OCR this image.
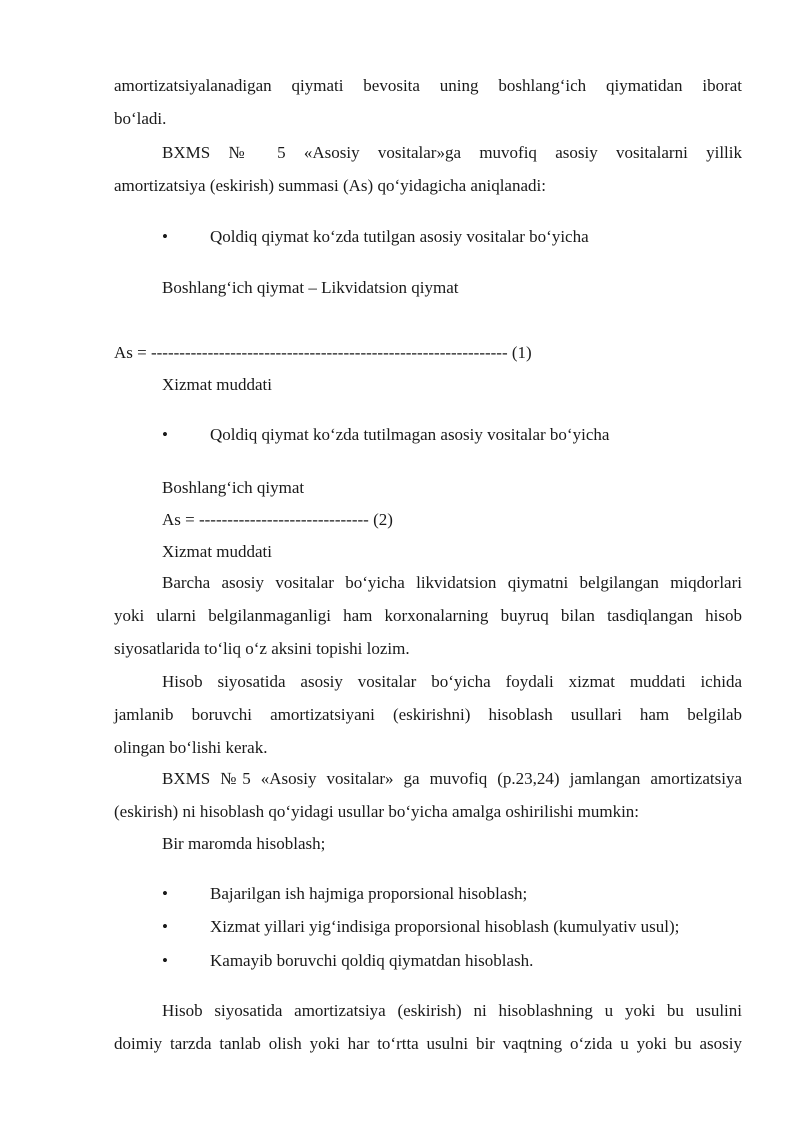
amortizatsiyalanadigan qiymati bevosita uning boshlang‘ich qiymatidan iborat
bo‘ladi.
BXMS № 5 «Asosiy vositalar»ga muvofiq asosiy vositalarni yillik
amortizatsiya (eskirish) summasi (As) qo‘yidagicha aniqlanadi:
• Qoldiq qiymat ko‘zda tutilgan asosiy vositalar bo‘yicha
Boshlang‘ich qiymat – Likvidatsion qiymat
As = --------------------------------------------------------------- (1)
Xizmat muddati
• Qoldiq qiymat ko‘zda tutilmagan asosiy vositalar bo‘yicha
Boshlang‘ich qiymat
As = ------------------------------ (2)
Xizmat muddati
Barcha asosiy vositalar bo‘yicha likvidatsion qiymatni belgilangan miqdorlari
yoki ularni belgilanmaganligi ham korxonalarning buyruq bilan tasdiqlangan hisob
siyosatlarida to‘liq o‘z aksini topishi lozim.
Hisob siyosatida asosiy vositalar bo‘yicha foydali xizmat muddati ichida
jamlanib boruvchi amortizatsiyani (eskirishni) hisoblash usullari ham belgilab
olingan bo‘lishi kerak.
BXMS №5 «Asosiy vositalar» ga muvofiq (p.23,24) jamlangan amortizatsiya
(eskirish) ni hisoblash qo‘yidagi usullar bo‘yicha amalga oshirilishi mumkin:
Bir maromda hisoblash;
• Bajarilgan ish hajmiga proporsional hisoblash;
• Xizmat yillari yig‘indisiga proporsional hisoblash (kumulyativ usul);
• Kamayib boruvchi qoldiq qiymatdan hisoblash.
Hisob siyosatida amortizatsiya (eskirish) ni hisoblashning u yoki bu usulini
doimiy tarzda tanlab olish yoki har to‘rtta usulni bir vaqtning o‘zida u yoki bu asosiy
